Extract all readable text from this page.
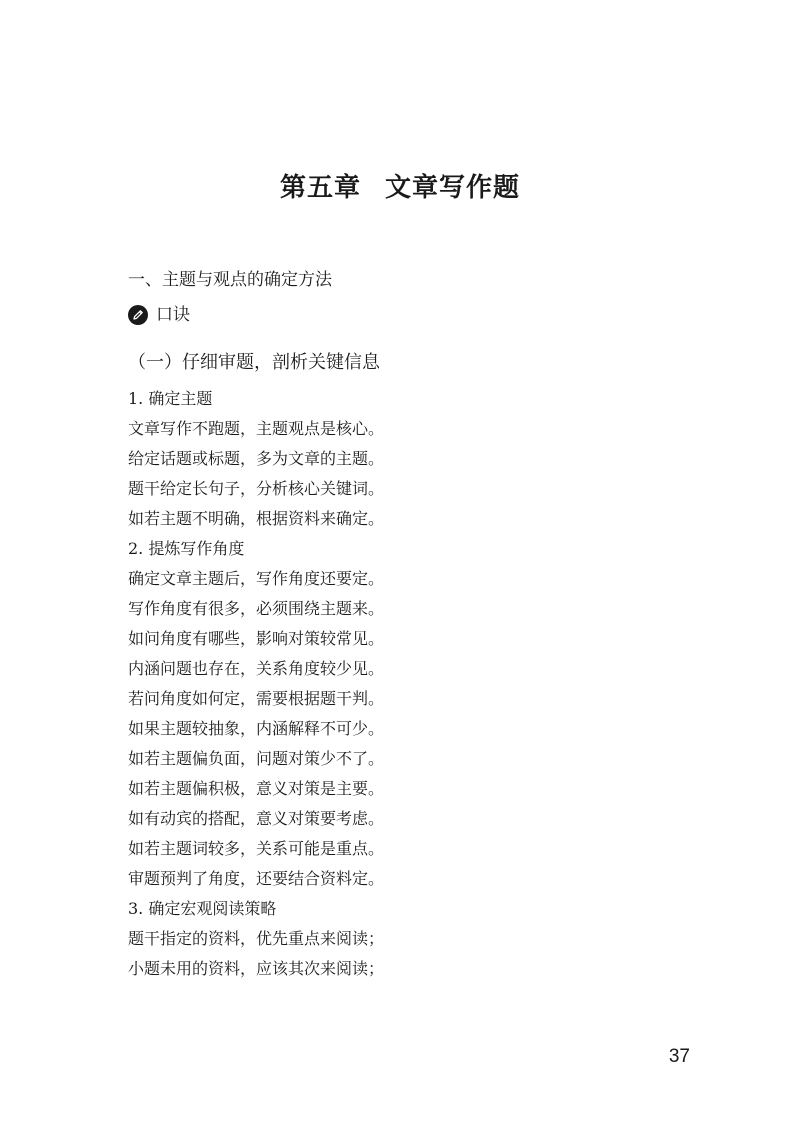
第五章 文章写作题
一、主题与观点的确定方法
口诀
（一）仔细审题，剖析关键信息
1. 确定主题
文章写作不跑题，主题观点是核心。
给定话题或标题，多为文章的主题。
题干给定长句子，分析核心关键词。
如若主题不明确，根据资料来确定。
2. 提炼写作角度
确定文章主题后，写作角度还要定。
写作角度有很多，必须围绕主题来。
如问角度有哪些，影响对策较常见。
内涵问题也存在，关系角度较少见。
若问角度如何定，需要根据题干判。
如果主题较抽象，内涵解释不可少。
如若主题偏负面，问题对策少不了。
如若主题偏积极，意义对策是主要。
如有动宾的搭配，意义对策要考虑。
如若主题词较多，关系可能是重点。
审题预判了角度，还要结合资料定。
3. 确定宏观阅读策略
题干指定的资料，优先重点来阅读；
小题未用的资料，应该其次来阅读；
37
